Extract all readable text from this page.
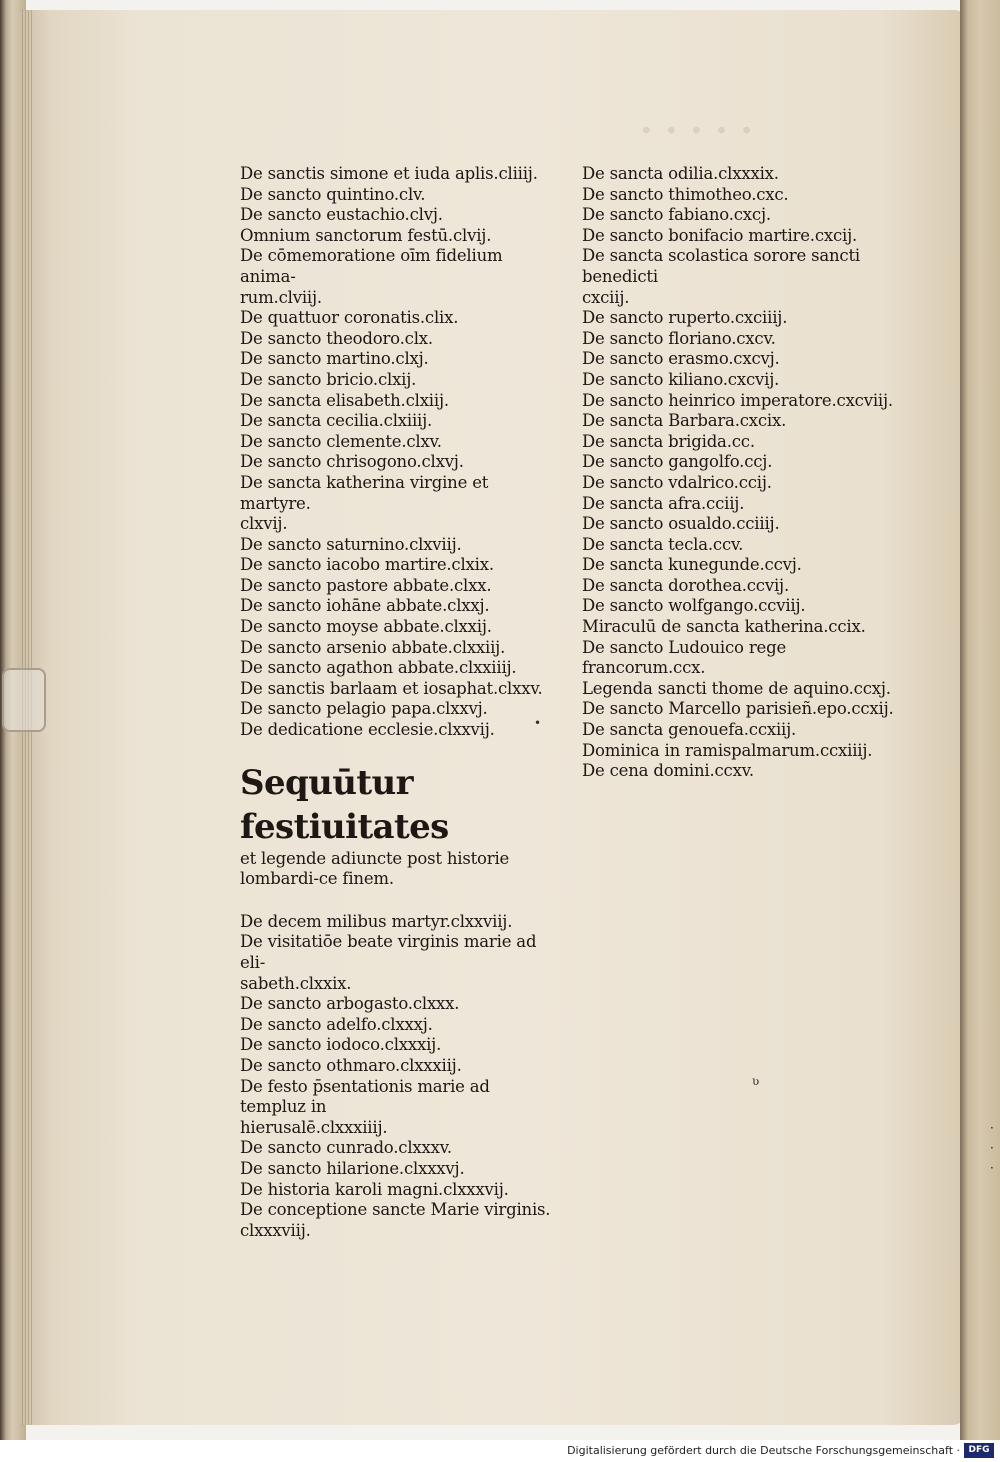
·
·
·
· · · · ·
De sanctis simone et iuda aplis.cliiij.
De sancto quintino.clv.
De sancto eustachio.clvj.
Omnium sanctorum festū.clvij.
De cōmemoratione oīm fidelium anima-
rum.clviij.
De quattuor coronatis.clix.
De sancto theodoro.clx.
De sancto martino.clxj.
De sancto bricio.clxij.
De sancta elisabeth.clxiij.
De sancta cecilia.clxiiij.
De sancto clemente.clxv.
De sancto chrisogono.clxvj.
De sancta katherina virgine et martyre.
clxvij.
De sancto saturnino.clxviij.
De sancto iacobo martire.clxix.
De sancto pastore abbate.clxx.
De sancto iohāne abbate.clxxj.
De sancto moyse abbate.clxxij.
De sancto arsenio abbate.clxxiij.
De sancto agathon abbate.clxxiiij.
De sanctis barlaam et iosaphat.clxxv.
De sancto pelagio papa.clxxvj.
De dedicatione ecclesie.clxxvij.
Sequūtur festiuitates
et legende adiuncte post historie lombardi-ce finem.
De decem milibus martyr.clxxviij.
De visitatiōe beate virginis marie ad eli-
sabeth.clxxix.
De sancto arbogasto.clxxx.
De sancto adelfo.clxxxj.
De sancto iodoco.clxxxij.
De sancto othmaro.clxxxiij.
De festo p̄sentationis marie ad templuz in
hierusalē.clxxxiiij.
De sancto cunrado.clxxxv.
De sancto hilarione.clxxxvj.
De historia karoli magni.clxxxvij.
De conceptione sancte Marie virginis.
clxxxviij.
De sancta odilia.clxxxix.
De sancto thimotheo.cxc.
De sancto fabiano.cxcj.
De sancto bonifacio martire.cxcij.
De sancta scolastica sorore sancti benedicti
cxciij.
De sancto ruperto.cxciiij.
De sancto floriano.cxcv.
De sancto erasmo.cxcvj.
De sancto kiliano.cxcvij.
De sancto heinrico imperatore.cxcviij.
De sancta Barbara.cxcix.
De sancta brigida.cc.
De sancto gangolfo.ccj.
De sancto vdalrico.ccij.
De sancta afra.cciij.
De sancto osualdo.cciiij.
De sancta tecla.ccv.
De sancta kunegunde.ccvj.
De sancta dorothea.ccvij.
De sancto wolfgango.ccviij.
Miraculū de sancta katherina.ccix.
De sancto Ludouico rege francorum.ccx.
Legenda sancti thome de aquino.ccxj.
De sancto Marcello parisieñ.epo.ccxij.
De sancta genouefa.ccxiij.
Dominica in ramispalmarum.ccxiiij.
De cena domini.ccxv.
•
ʋ
Digitalisierung gefördert durch die Deutsche Forschungsgemeinschaft · DFG
